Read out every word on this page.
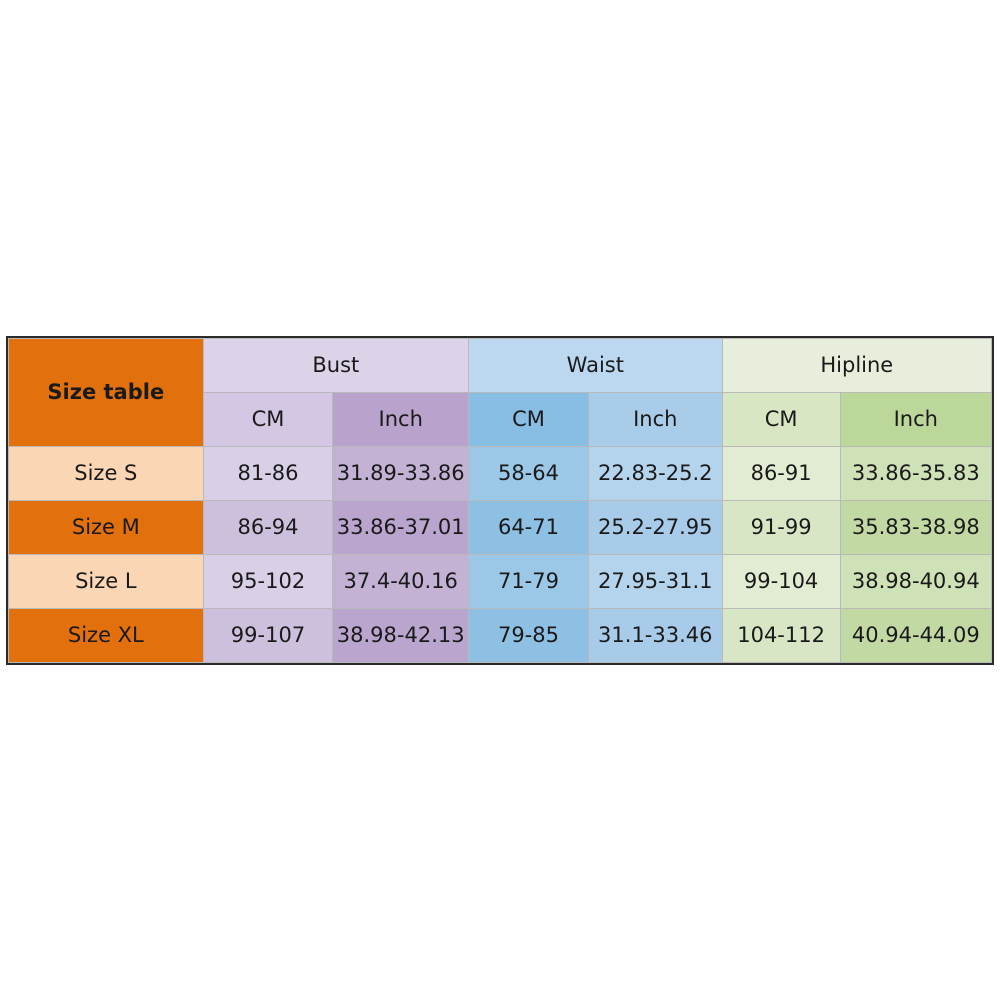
Size table	Bust		Waist		Hipline	
	CM	Inch	CM	Inch	CM	Inch
Size S	81-86	31.89-33.86	58-64	22.83-25.2	86-91	33.86-35.83
Size M	86-94	33.86-37.01	64-71	25.2-27.95	91-99	35.83-38.98
Size L	95-102	37.4-40.16	71-79	27.95-31.1	99-104	38.98-40.94
Size XL	99-107	38.98-42.13	79-85	31.1-33.46	104-112	40.94-44.09
